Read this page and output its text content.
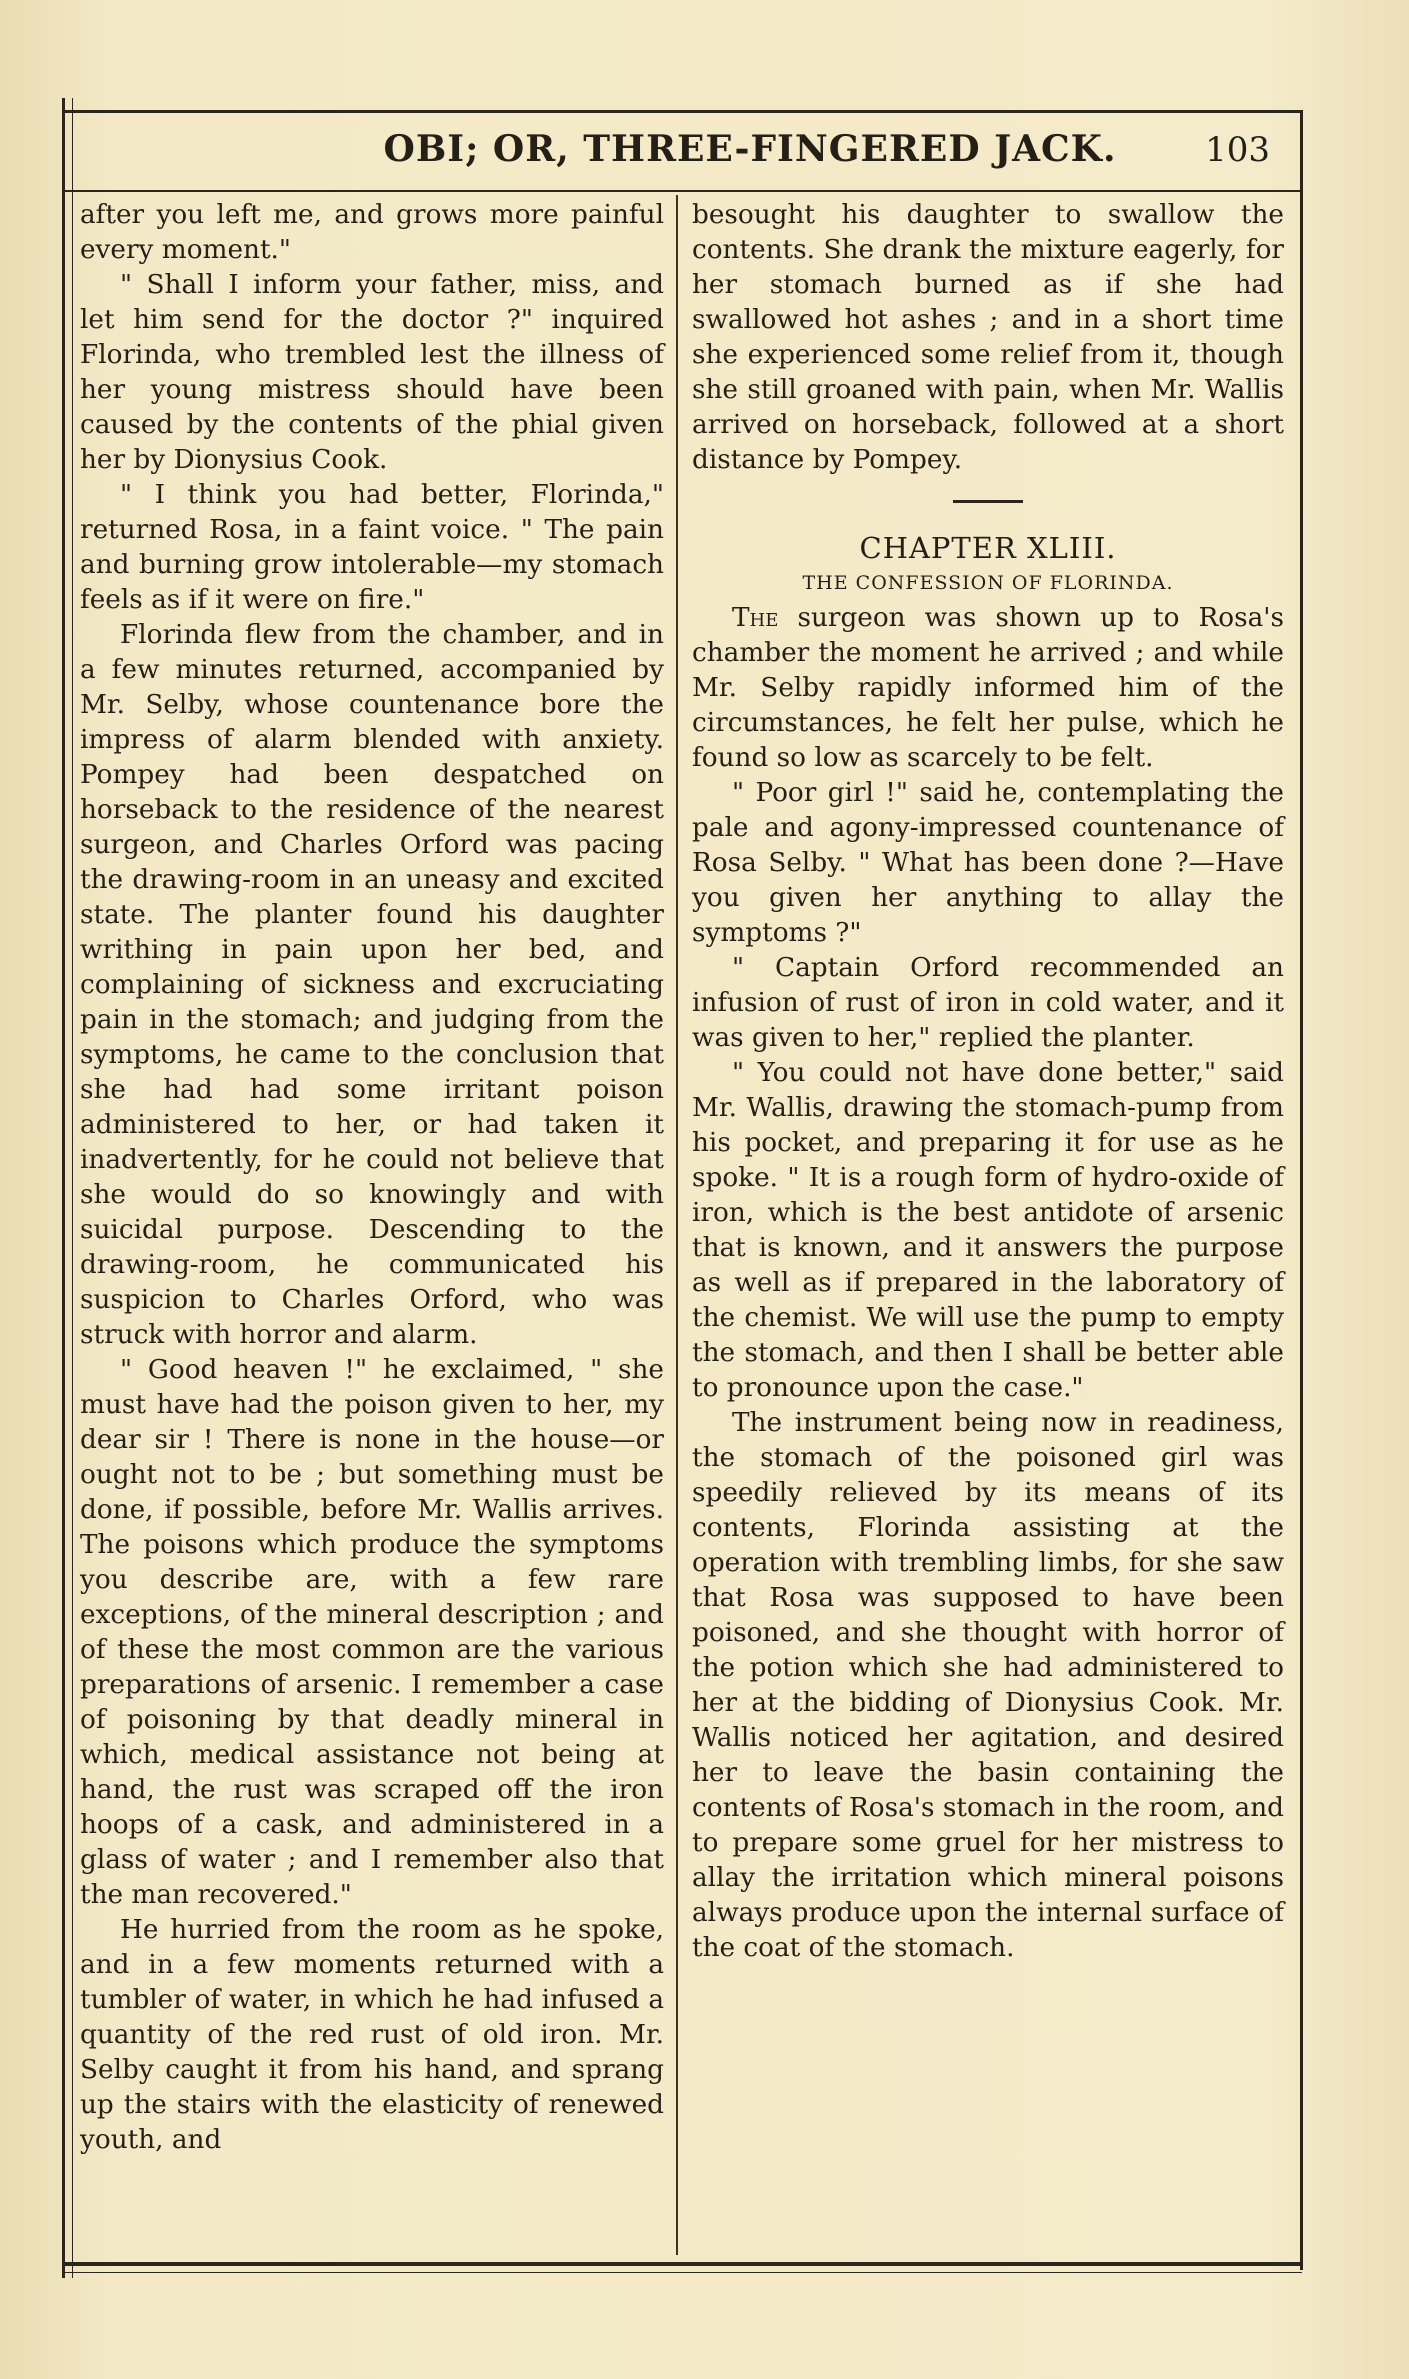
OBI; OR, THREE-FINGERED JACK.	103

after you left me, and grows more painful every moment."

" Shall I inform your father, miss, and let him send for the doctor ?" inquired Florinda, who trembled lest the illness of her young mistress should have been caused by the contents of the phial given her by Dionysius Cook.

" I think you had better, Florinda," returned Rosa, in a faint voice. " The pain and burning grow intolerable—my stomach feels as if it were on fire."

Florinda flew from the chamber, and in a few minutes returned, accompanied by Mr. Selby, whose countenance bore the impress of alarm blended with anxiety. Pompey had been despatched on horseback to the residence of the nearest surgeon, and Charles Orford was pacing the drawing-room in an uneasy and excited state. The planter found his daughter writhing in pain upon her bed, and complaining of sickness and excruciating pain in the stomach; and judging from the symptoms, he came to the conclusion that she had had some irritant poison administered to her, or had taken it inadvertently, for he could not believe that she would do so knowingly and with suicidal purpose. Descending to the drawing-room, he communicated his suspicion to Charles Orford, who was struck with horror and alarm.

" Good heaven !" he exclaimed, " she must have had the poison given to her, my dear sir ! There is none in the house—or ought not to be ; but something must be done, if possible, before Mr. Wallis arrives. The poisons which produce the symptoms you describe are, with a few rare exceptions, of the mineral description ; and of these the most common are the various preparations of arsenic. I remember a case of poisoning by that deadly mineral in which, medical assistance not being at hand, the rust was scraped off the iron hoops of a cask, and administered in a glass of water ; and I remember also that the man recovered."

He hurried from the room as he spoke, and in a few moments returned with a tumbler of water, in which he had infused a quantity of the red rust of old iron. Mr. Selby caught it from his hand, and sprang up the stairs with the elasticity of renewed youth, and

besought his daughter to swallow the contents. She drank the mixture eagerly, for her stomach burned as if she had swallowed hot ashes ; and in a short time she experienced some relief from it, though she still groaned with pain, when Mr. Wallis arrived on horseback, followed at a short distance by Pompey.

CHAPTER XLIII.

THE CONFESSION OF FLORINDA.

The surgeon was shown up to Rosa's chamber the moment he arrived ; and while Mr. Selby rapidly informed him of the circumstances, he felt her pulse, which he found so low as scarcely to be felt.

" Poor girl !" said he, contemplating the pale and agony-impressed countenance of Rosa Selby. " What has been done ?—Have you given her anything to allay the symptoms ?"

" Captain Orford recommended an infusion of rust of iron in cold water, and it was given to her," replied the planter.

" You could not have done better," said Mr. Wallis, drawing the stomach-pump from his pocket, and preparing it for use as he spoke. " It is a rough form of hydro-oxide of iron, which is the best antidote of arsenic that is known, and it answers the purpose as well as if prepared in the laboratory of the chemist. We will use the pump to empty the stomach, and then I shall be better able to pronounce upon the case."

The instrument being now in readiness, the stomach of the poisoned girl was speedily relieved by its means of its contents, Florinda assisting at the operation with trembling limbs, for she saw that Rosa was supposed to have been poisoned, and she thought with horror of the potion which she had administered to her at the bidding of Dionysius Cook. Mr. Wallis noticed her agitation, and desired her to leave the basin containing the contents of Rosa's stomach in the room, and to prepare some gruel for her mistress to allay the irritation which mineral poisons always produce upon the internal surface of the coat of the stomach.
